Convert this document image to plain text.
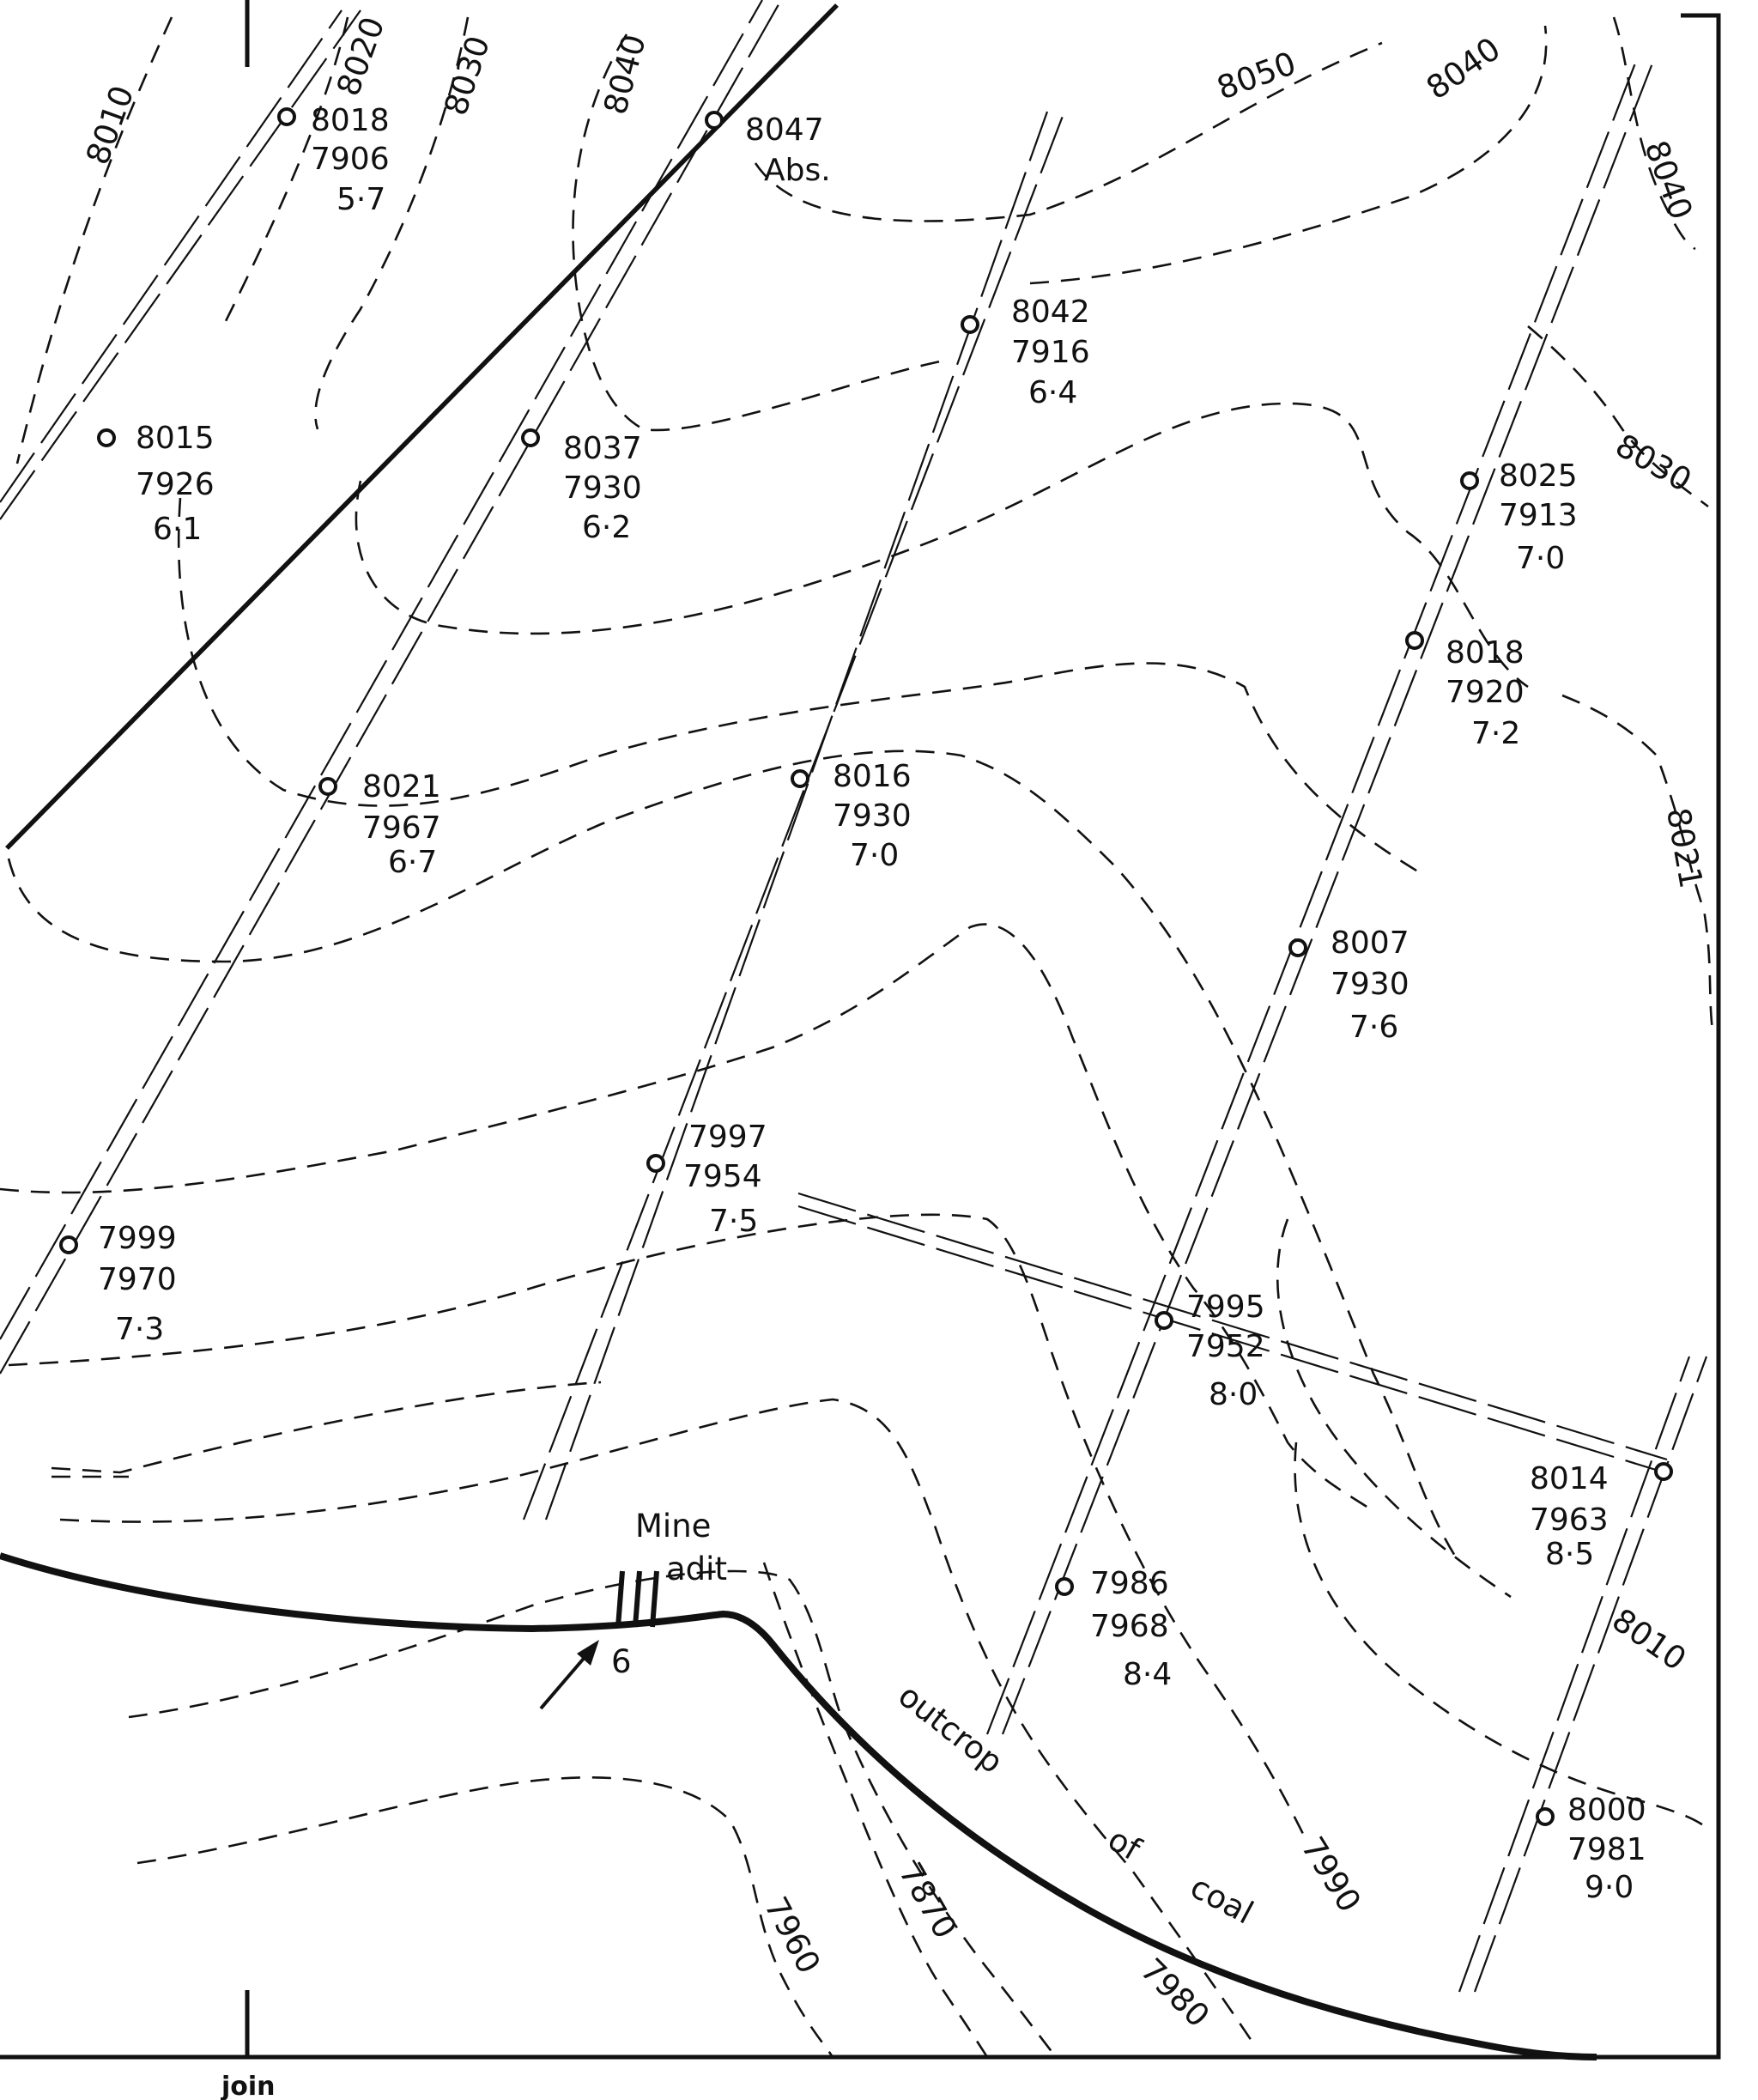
8018
7906
5·7
8047
Abs.
8042
7916
6·4
8015
7926
6·1
8037
7930
6·2
8025
7913
7·0
8018
7920
7·2
8021
7967
6·7
8016
7930
7·0
8007
7930
7·6
7997
7954
7·5
7999
7970
7·3
7995
7952
8·0
8014
7963
8·5
7986
7968
8·4
8000
7981
9·0
8010
8020 8030	8040	8050	8040
8040
8030
8021
8010
7990
7980
7870
7960
Mine
adit
6
outcrop
of
coal
join
